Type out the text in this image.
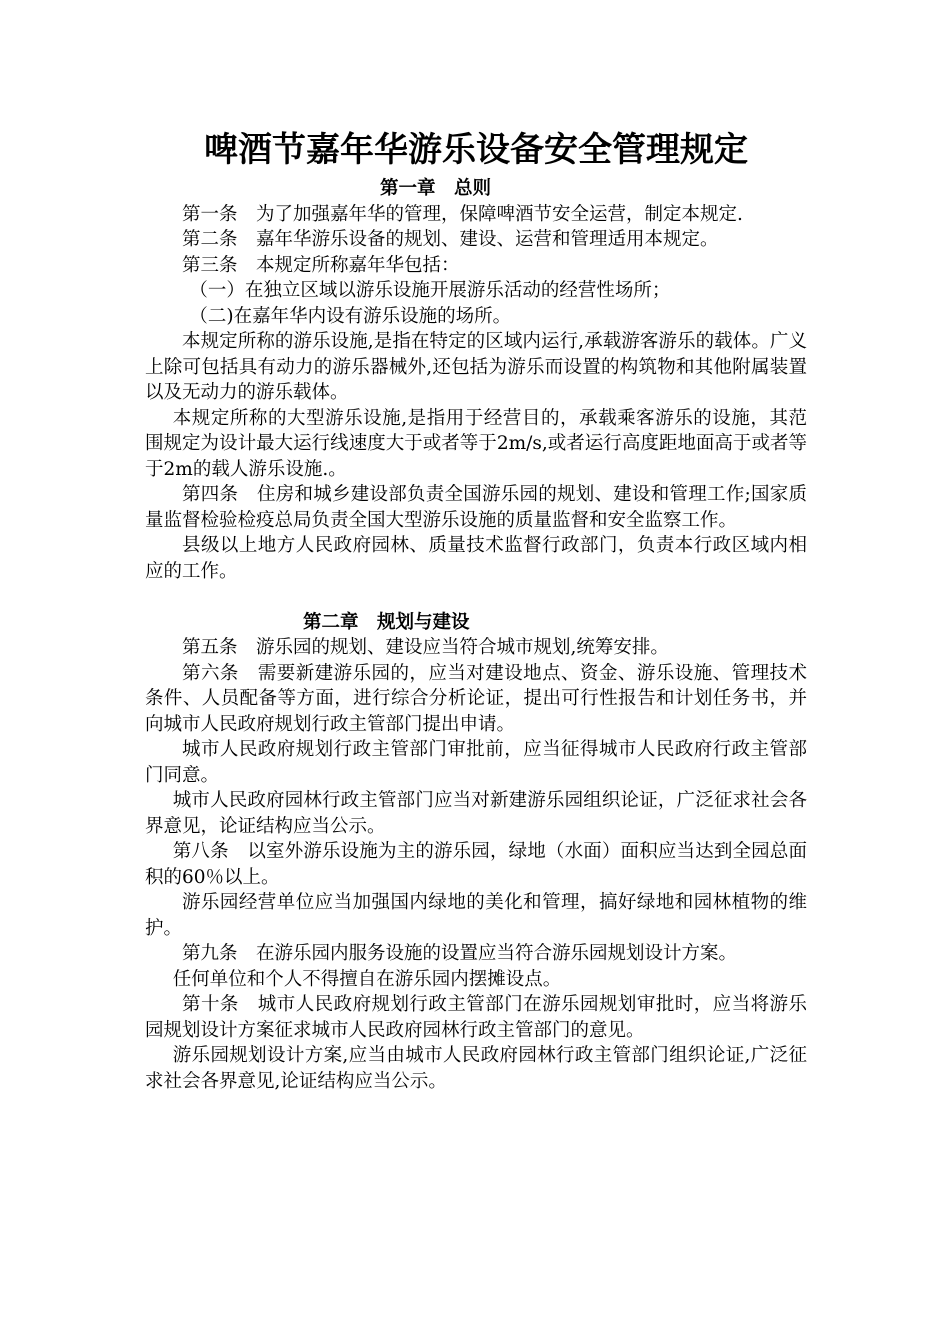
啤酒节嘉年华游乐设备安全管理规定
第一章　总则

第一条　为了加强嘉年华的管理，保障啤酒节安全运营，制定本规定.

第二条　嘉年华游乐设备的规划、建设、运营和管理适用本规定。

第三条　本规定所称嘉年华包括：

（一）在独立区域以游乐设施开展游乐活动的经营性场所；

（二)在嘉年华内设有游乐设施的场所。

本规定所称的游乐设施,是指在特定的区域内运行,承载游客游乐的载体。广义上除可包括具有动力的游乐器械外,还包括为游乐而设置的构筑物和其他附属装置以及无动力的游乐载体。

本规定所称的大型游乐设施,是指用于经营目的，承载乘客游乐的设施，其范围规定为设计最大运行线速度大于或者等于2m/s,或者运行高度距地面高于或者等于2m的载人游乐设施.。

第四条　住房和城乡建设部负责全国游乐园的规划、建设和管理工作;国家质量监督检验检疫总局负责全国大型游乐设施的质量监督和安全监察工作。

县级以上地方人民政府园林、质量技术监督行政部门，负责本行政区域内相应的工作。

第二章　规划与建设

第五条　游乐园的规划、建设应当符合城市规划,统筹安排。

第六条　需要新建游乐园的，应当对建设地点、资金、游乐设施、管理技术条件、人员配备等方面，进行综合分析论证，提出可行性报告和计划任务书，并向城市人民政府规划行政主管部门提出申请。

城市人民政府规划行政主管部门审批前，应当征得城市人民政府行政主管部门同意。

城市人民政府园林行政主管部门应当对新建游乐园组织论证，广泛征求社会各界意见，论证结构应当公示。

第八条　以室外游乐设施为主的游乐园，绿地（水面）面积应当达到全园总面积的60％以上。

游乐园经营单位应当加强国内绿地的美化和管理，搞好绿地和园林植物的维护。

第九条　在游乐园内服务设施的设置应当符合游乐园规划设计方案。

任何单位和个人不得擅自在游乐园内摆摊设点。

第十条　城市人民政府规划行政主管部门在游乐园规划审批时，应当将游乐园规划设计方案征求城市人民政府园林行政主管部门的意见。

游乐园规划设计方案,应当由城市人民政府园林行政主管部门组织论证,广泛征求社会各界意见,论证结构应当公示。
